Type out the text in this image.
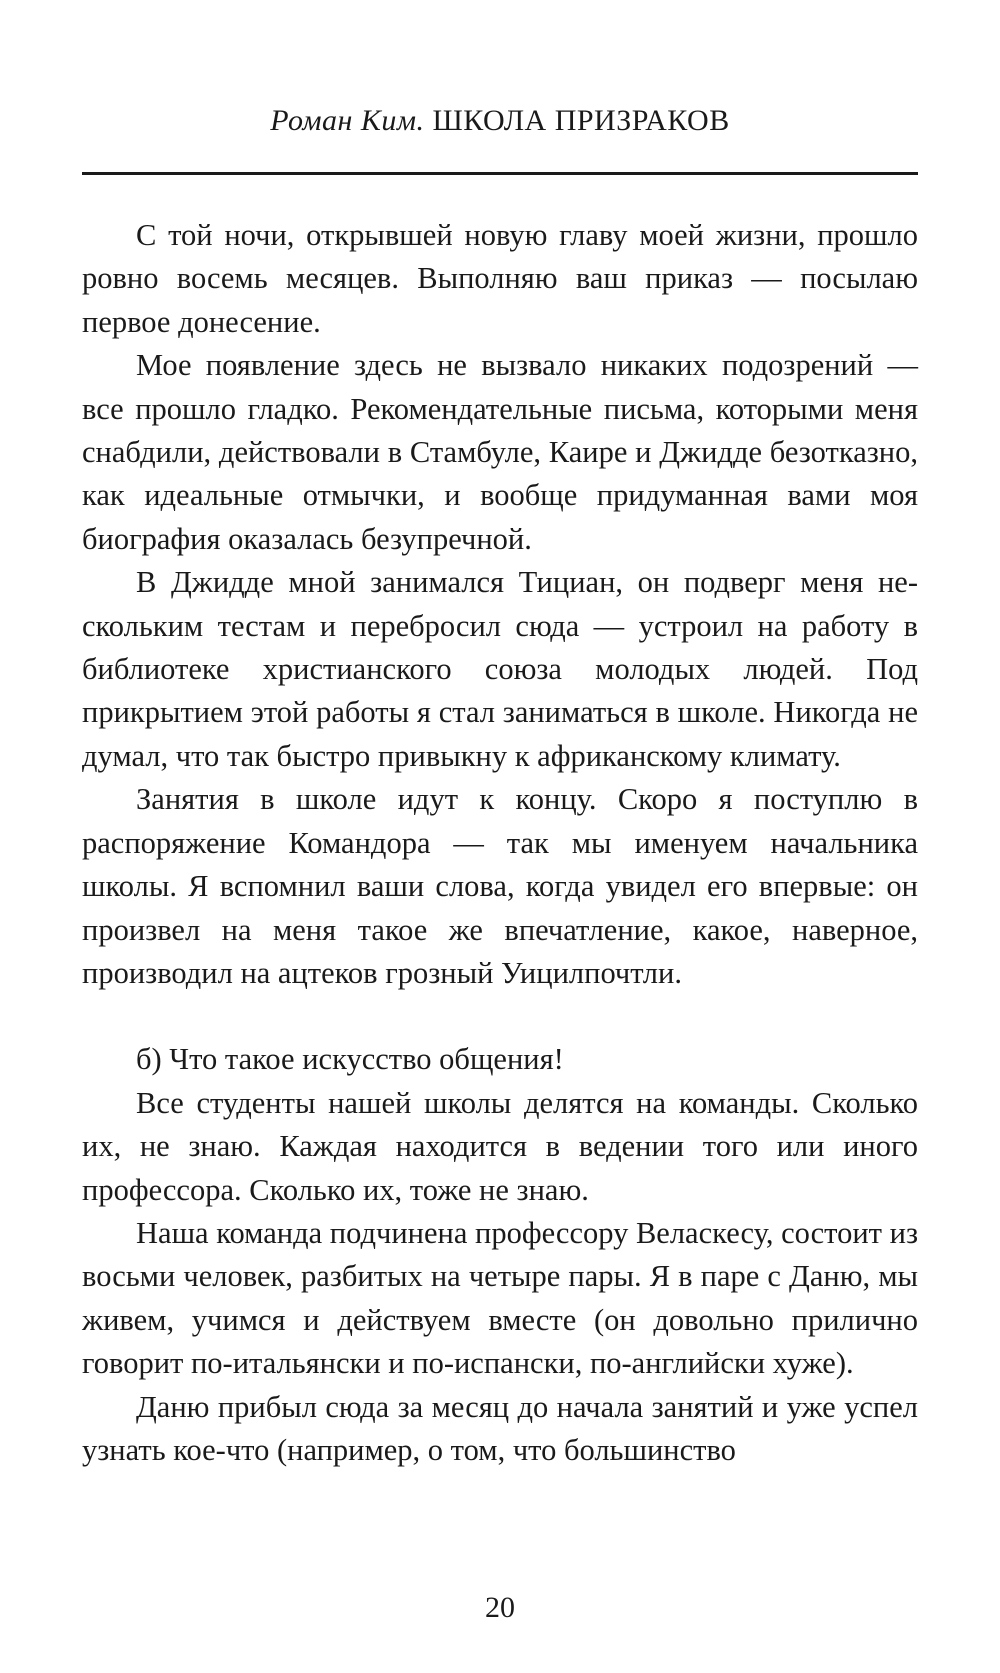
Роман Ким. ШКОЛА ПРИЗРАКОВ

С той ночи, открывшей новую главу моей жизни, прошло ровно восемь месяцев. Выполняю ваш приказ — посылаю первое донесение.

Мое появление здесь не вызвало никаких подозрений — все прошло гладко. Рекомендательные письма, которыми меня снабдили, действовали в Стамбуле, Каире и Джидде безотказно, как идеальные отмычки, и вообще придуманная вами моя биография оказалась безупречной.

В Джидде мной занимался Тициан, он подверг меня нескольким тестам и перебросил сюда — устроил на работу в библиотеке христианского союза молодых людей. Под прикрытием этой работы я стал заниматься в школе. Никогда не думал, что так быстро привыкну к африканскому климату.

Занятия в школе идут к концу. Скоро я поступлю в распоряжение Командора — так мы именуем начальника школы. Я вспомнил ваши слова, когда увидел его впервые: он произвел на меня такое же впечатление, какое, наверное, производил на ацтеков грозный Уицилпочтли.

б) Что такое искусство общения!

Все студенты нашей школы делятся на команды. Сколько их, не знаю. Каждая находится в ведении того или иного профессора. Сколько их, тоже не знаю.

Наша команда подчинена профессору Веласкесу, состоит из восьми человек, разбитых на четыре пары. Я в паре с Даню, мы живем, учимся и действуем вместе (он довольно прилично говорит по-итальянски и по-испански, по-английски хуже).

Даню прибыл сюда за месяц до начала занятий и уже успел узнать кое-что (например, о том, что большинство

20
